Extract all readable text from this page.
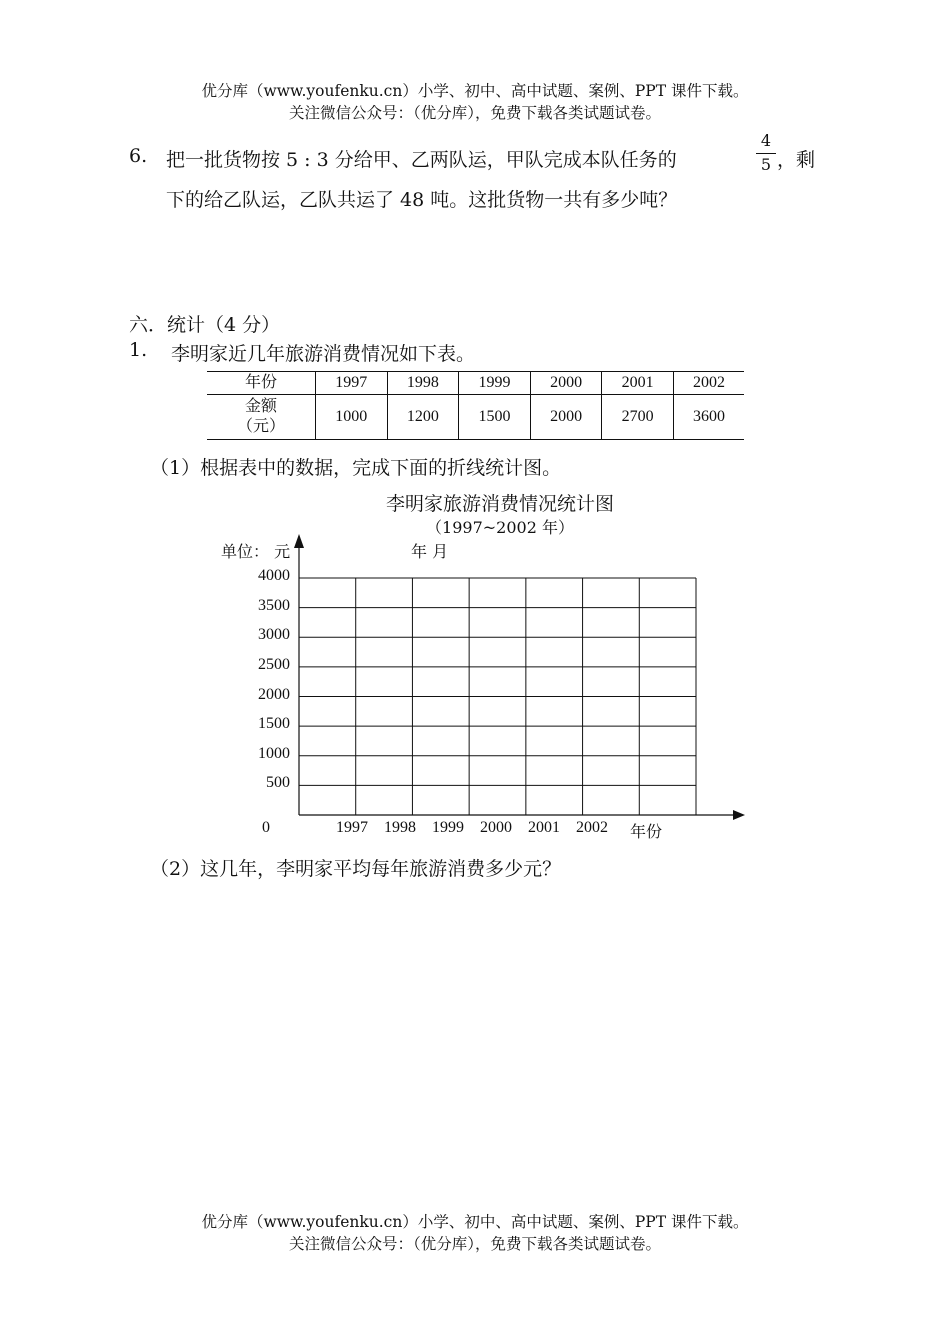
优分库（www.youfenku.cn）小学、初中、高中试题、案例、PPT 课件下载。
关注微信公众号：（优分库），免费下载各类试题试卷。
6. 把一批货物按 5 : 3 分给甲、乙两队运，甲队完成本队任务的
4
5 ，剩
下的给乙队运，乙队共运了 48 吨。这批货物一共有多少吨？
六．统计（4 分）
1. 李明家近几年旅游消费情况如下表。
年份	1997	1998	1999	2000	2001	2002

金额
（元）	1000	1200	1500	2000	2700	3600
（1）根据表中的数据，完成下面的折线统计图。
李明家旅游消费情况统计图
（1997~2002 年）
单位： 元	年 月
4000
3500
3000
2500
2000
1500
1000
500
1997	1998	1999	2000	2001	2002
0	年份
（2）这几年，李明家平均每年旅游消费多少元？
优分库（www.youfenku.cn）小学、初中、高中试题、案例、PPT 课件下载。
关注微信公众号：（优分库），免费下载各类试题试卷。
